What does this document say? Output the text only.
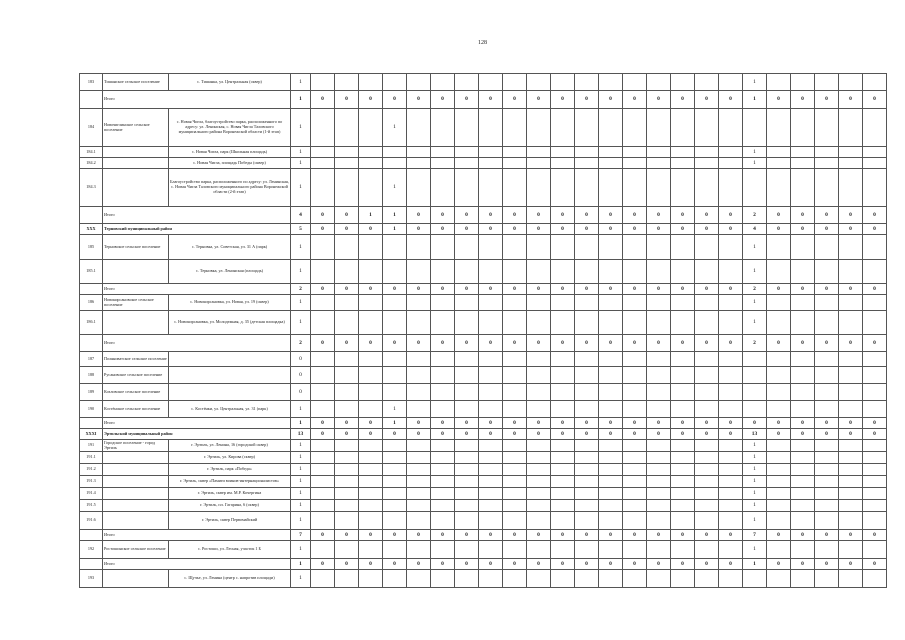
128
183	Тишанское сельское поселение	с. Тишанка, ул. Центральная (сквер)	1																			1					
	Итого		1	0	0	0	0	0	0	0	0	0	0	0	0	0	0	0	0	0	0	1	0	0	0	0	0
184	Новочиглинское сельское поселение	с. Новая Чигла, благоустройство парка, расположенного по адресу: ул. Ленинская, с. Новая Чигла Таловского муниципального района Воронежской области (1-й этап)	1				1																				
184.1		с. Новая Чигла, парк (Школьная площадь)	1																			1					
184.2		с. Новая Чигла, площадь Победы (сквер)	1																			1					
184.3		Благоустройство парка, расположенного по адресу: ул. Ленинская, с. Новая Чигла Таловского муниципального района Воронежской области (2-й этап)	1				1																				
	Итого		4	0	0	1	1	0	0	0	0	0	0	0	0	0	0	0	0	0	0	2	0	0	0	0	0
XXX	Терновский муниципальный район		5	0	0	0	1	0	0	0	0	0	0	0	0	0	0	0	0	0	0	4	0	0	0	0	0
185	Терновское сельское поселение	с. Терновка, ул. Советская, ул. 31 А (парк)	1																			1					
185.1		с. Терновка, ул. Ленинская (площадь)	1																			1					
	Итого		2	0	0	0	0	0	0	0	0	0	0	0	0	0	0	0	0	0	0	2	0	0	0	0	0
186	Новокирсановское сельское поселение	с. Новокирсановка, ул. Новая, ул. 19 (сквер)	1																			1					
186.1		с. Новокирсановка, ул. Молодежная, д. 35 (детская площадка)	1																			1					
	Итого		2	0	0	0	0	0	0	0	0	0	0	0	0	0	0	0	0	0	0	2	0	0	0	0	0
187	Поляноватское сельское поселение		0																								
188	Русановское сельское поселение		0																								
189	Козловское сельское поселение		0																								
190	Костёнское сельское поселение	с. Костёнки, ул. Центральная, ул. 31 (парк)	1				1																				
	Итого		1	0	0	0	1	0	0	0	0	0	0	0	0	0	0	0	0	0	0	0	0	0	0	0	0
XXXI	Эртильский муниципальный район		13	0	0	0	0	0	0	0	0	0	0	0	0	0	0	0	0	0	0	13	0	0	0	0	0
191	Городское поселение - город Эртиль	г. Эртиль, ул. Ленина, 16 (городской сквер)	1																			1					
191.1		г. Эртиль, ул. Кирова (сквер)	1																			1					
191.2		г. Эртиль, парк «Победа»	1																			1					
191.3		г. Эртиль, сквер «Памяти воинов-интернационалистов»	1																			1					
191.4		г. Эртиль, сквер им. М.Р. Кочергина	1																			1					
191.5		г. Эртиль, пл. Гагарина, 6 (сквер)	1																			1					
191.6		г. Эртиль, сквер Первомайский	1																			1					
	Итого		7	0	0	0	0	0	0	0	0	0	0	0	0	0	0	0	0	0	0	7	0	0	0	0	0
192	Ростошинское сельское поселение	с. Ростоши, ул. Лесная, участок 1 Б	1																			1					
	Итого		1	0	0	0	0	0	0	0	0	0	0	0	0	0	0	0	0	0	0	1	0	0	0	0	0
193		с. Щучье, ул. Ленина (центр с. напротив площади)	1																								
